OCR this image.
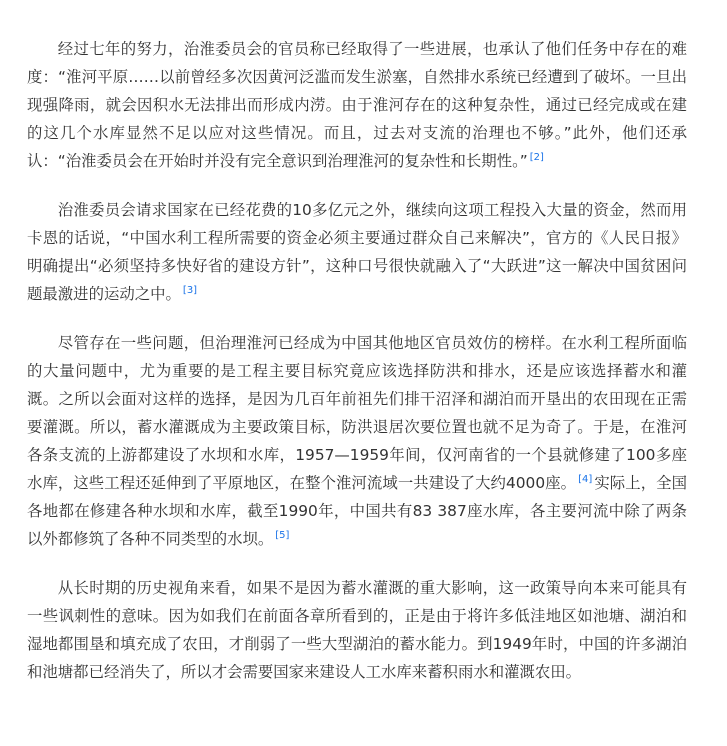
经过七年的努力，治淮委员会的官员称已经取得了一些进展，也承认了他们任务中存在的难度：“淮河平原……以前曾经多次因黄河泛滥而发生淤塞，自然排水系统已经遭到了破坏。一旦出现强降雨，就会因积水无法排出而形成内涝。由于淮河存在的这种复杂性，通过已经完成或在建的这几个水库显然不足以应对这些情况。而且，过去对支流的治理也不够。”此外，他们还承认：“治淮委员会在开始时并没有完全意识到治理淮河的复杂性和长期性。” [2]

治淮委员会请求国家在已经花费的10多亿元之外，继续向这项工程投入大量的资金，然而用卡恩的话说，“中国水利工程所需要的资金必须主要通过群众自己来解决”，官方的《人民日报》明确提出“必须坚持多快好省的建设方针”，这种口号很快就融入了“大跃进”这一解决中国贫困问题最激进的运动之中。 [3]

尽管存在一些问题，但治理淮河已经成为中国其他地区官员效仿的榜样。在水利工程所面临的大量问题中，尤为重要的是工程主要目标究竟应该选择防洪和排水，还是应该选择蓄水和灌溉。之所以会面对这样的选择，是因为几百年前祖先们排干沼泽和湖泊而开垦出的农田现在正需要灌溉。所以，蓄水灌溉成为主要政策目标，防洪退居次要位置也就不足为奇了。于是，在淮河各条支流的上游都建设了水坝和水库，1957—1959年间，仅河南省的一个县就修建了100多座水库，这些工程还延伸到了平原地区，在整个淮河流域一共建设了大约4000座。 [4] 实际上，全国各地都在修建各种水坝和水库，截至1990年，中国共有83 387座水库，各主要河流中除了两条以外都修筑了各种不同类型的水坝。 [5]

从长时期的历史视角来看，如果不是因为蓄水灌溉的重大影响，这一政策导向本来可能具有一些讽刺性的意味。因为如我们在前面各章所看到的，正是由于将许多低洼地区如池塘、湖泊和湿地都围垦和填充成了农田，才削弱了一些大型湖泊的蓄水能力。到1949年时，中国的许多湖泊和池塘都已经消失了，所以才会需要国家来建设人工水库来蓄积雨水和灌溉农田。
